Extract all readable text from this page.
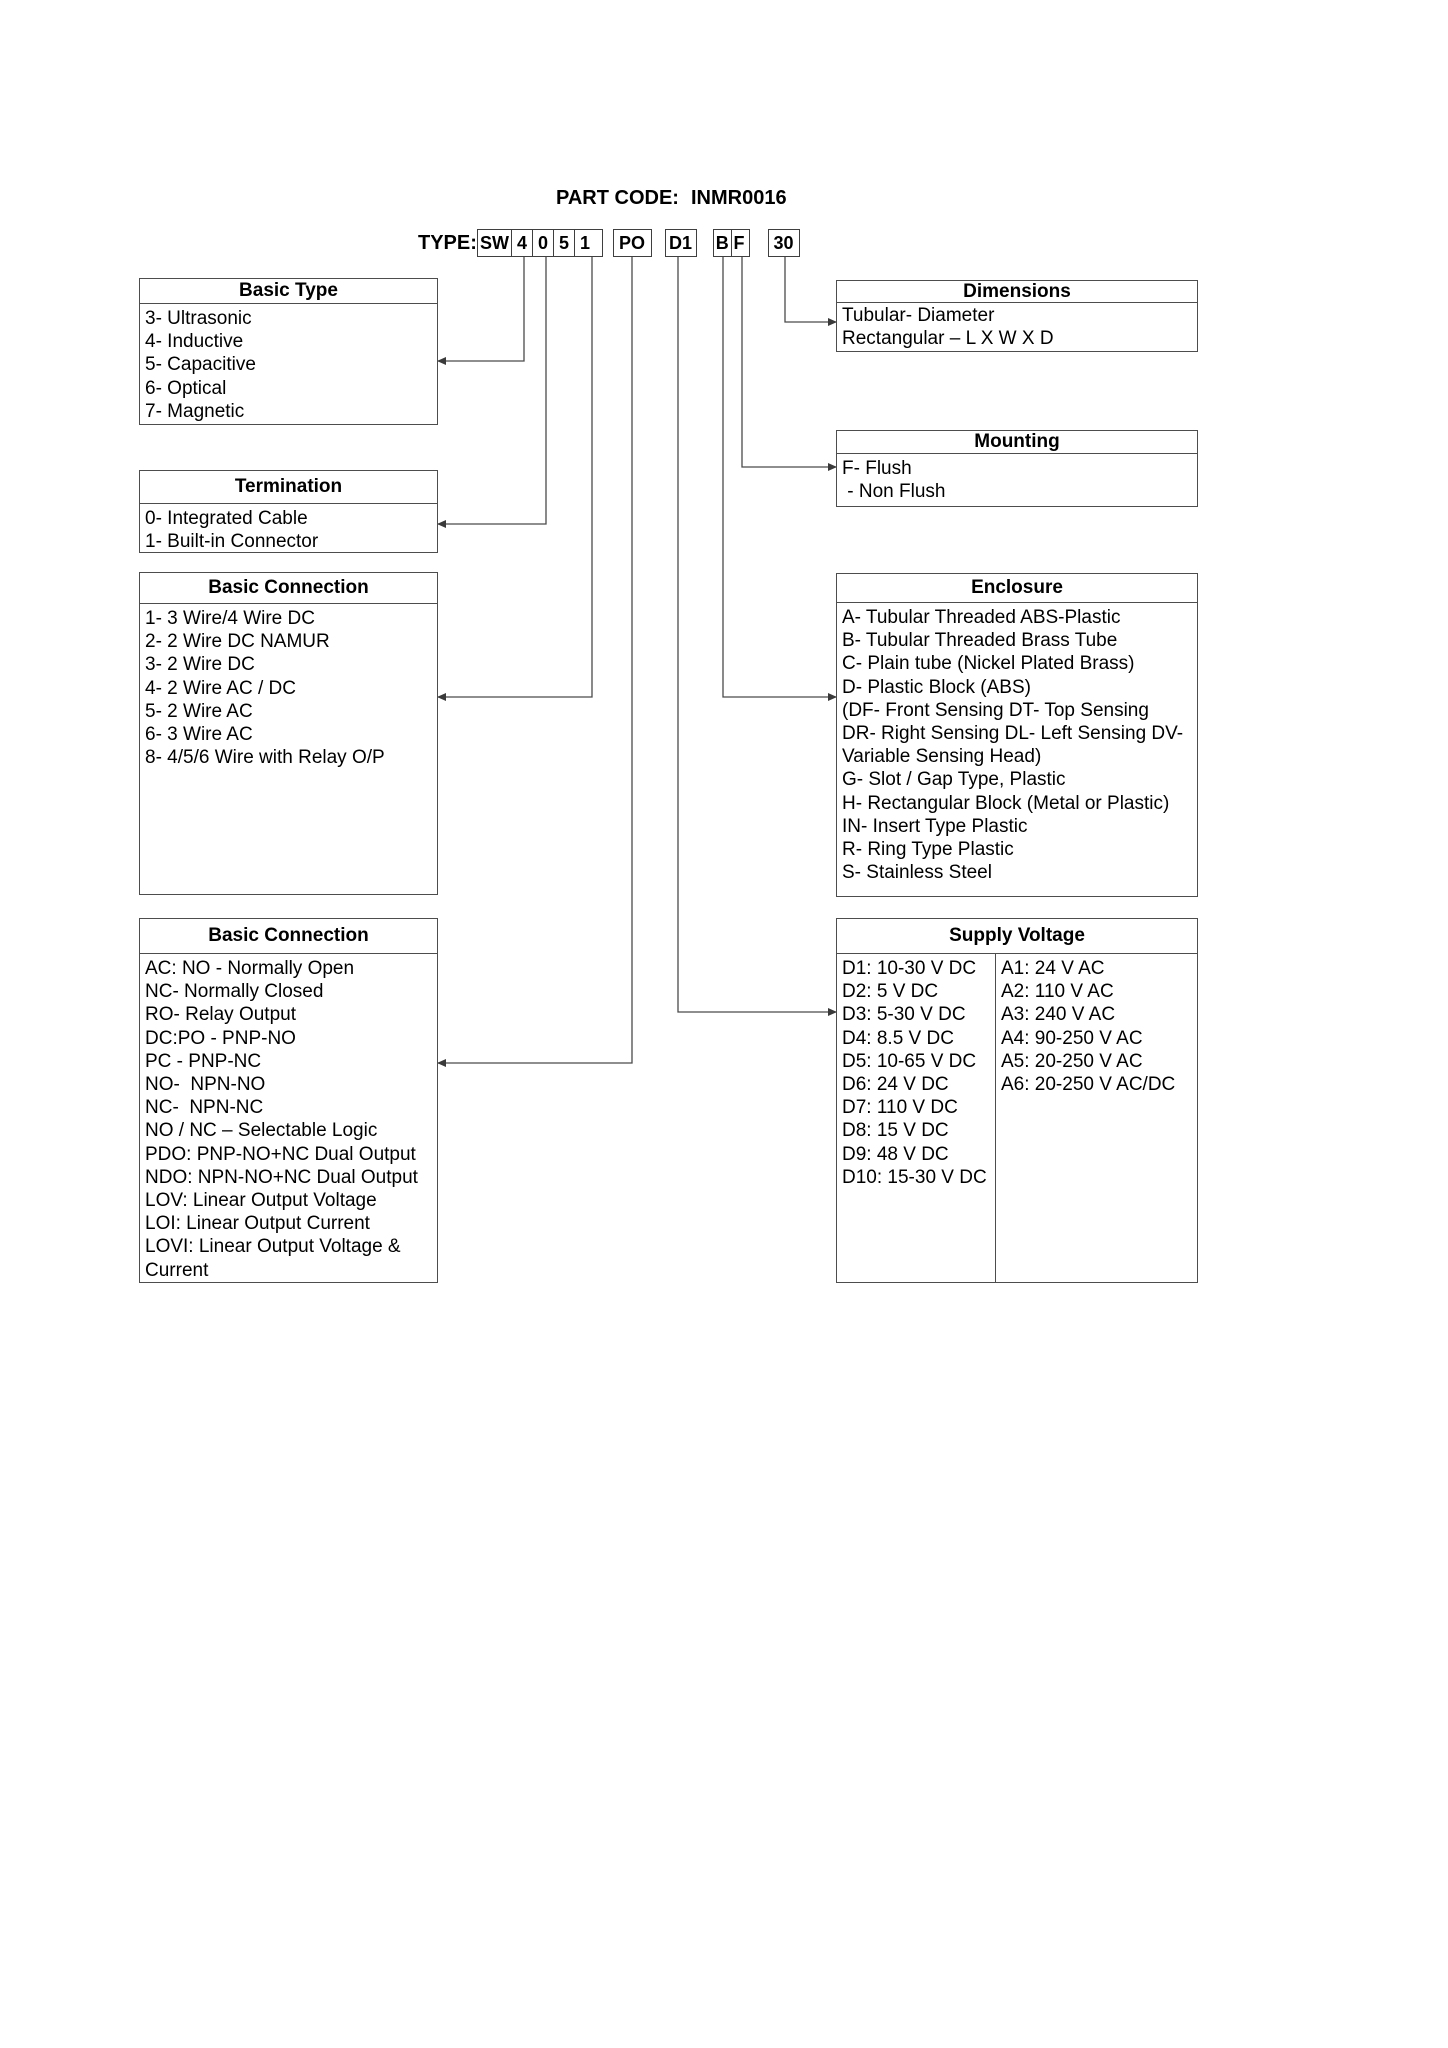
PART CODE: INMR0016
TYPE: SW 4 0 5 1 PO D1 B F 30
Basic Type
3- Ultrasonic
4- Inductive
5- Capacitive
6- Optical
7- Magnetic
Termination
0- Integrated Cable
1- Built-in Connector
Basic Connection
1- 3 Wire/4 Wire DC
2- 2 Wire DC NAMUR
3- 2 Wire DC
4- 2 Wire AC / DC
5- 2 Wire AC
6- 3 Wire AC
8- 4/5/6 Wire with Relay O/P
Basic Connection
AC: NO - Normally Open
NC- Normally Closed
RO- Relay Output
DC:PO - PNP-NO
PC - PNP-NC
NO-  NPN-NO
NC-  NPN-NC
NO / NC – Selectable Logic
PDO: PNP-NO+NC Dual Output
NDO: NPN-NO+NC Dual Output
LOV: Linear Output Voltage
LOI: Linear Output Current
LOVI: Linear Output Voltage &
Current
Dimensions
Tubular- Diameter
Rectangular – L X W X D
Mounting
F- Flush
- Non Flush
Enclosure
A- Tubular Threaded ABS-Plastic
B- Tubular Threaded Brass Tube
C- Plain tube (Nickel Plated Brass)
D- Plastic Block (ABS)
(DF- Front Sensing DT- Top Sensing
DR- Right Sensing DL- Left Sensing DV-
Variable Sensing Head)
G- Slot / Gap Type, Plastic
H- Rectangular Block (Metal or Plastic)
IN- Insert Type Plastic
R- Ring Type Plastic
S- Stainless Steel
Supply Voltage
D1: 10-30 V DC
D2: 5 V DC
D3: 5-30 V DC
D4: 8.5 V DC
D5: 10-65 V DC
D6: 24 V DC
D7: 110 V DC
D8: 15 V DC
D9: 48 V DC
D10: 15-30 V DC
A1: 24 V AC
A2: 110 V AC
A3: 240 V AC
A4: 90-250 V AC
A5: 20-250 V AC
A6: 20-250 V AC/DC
